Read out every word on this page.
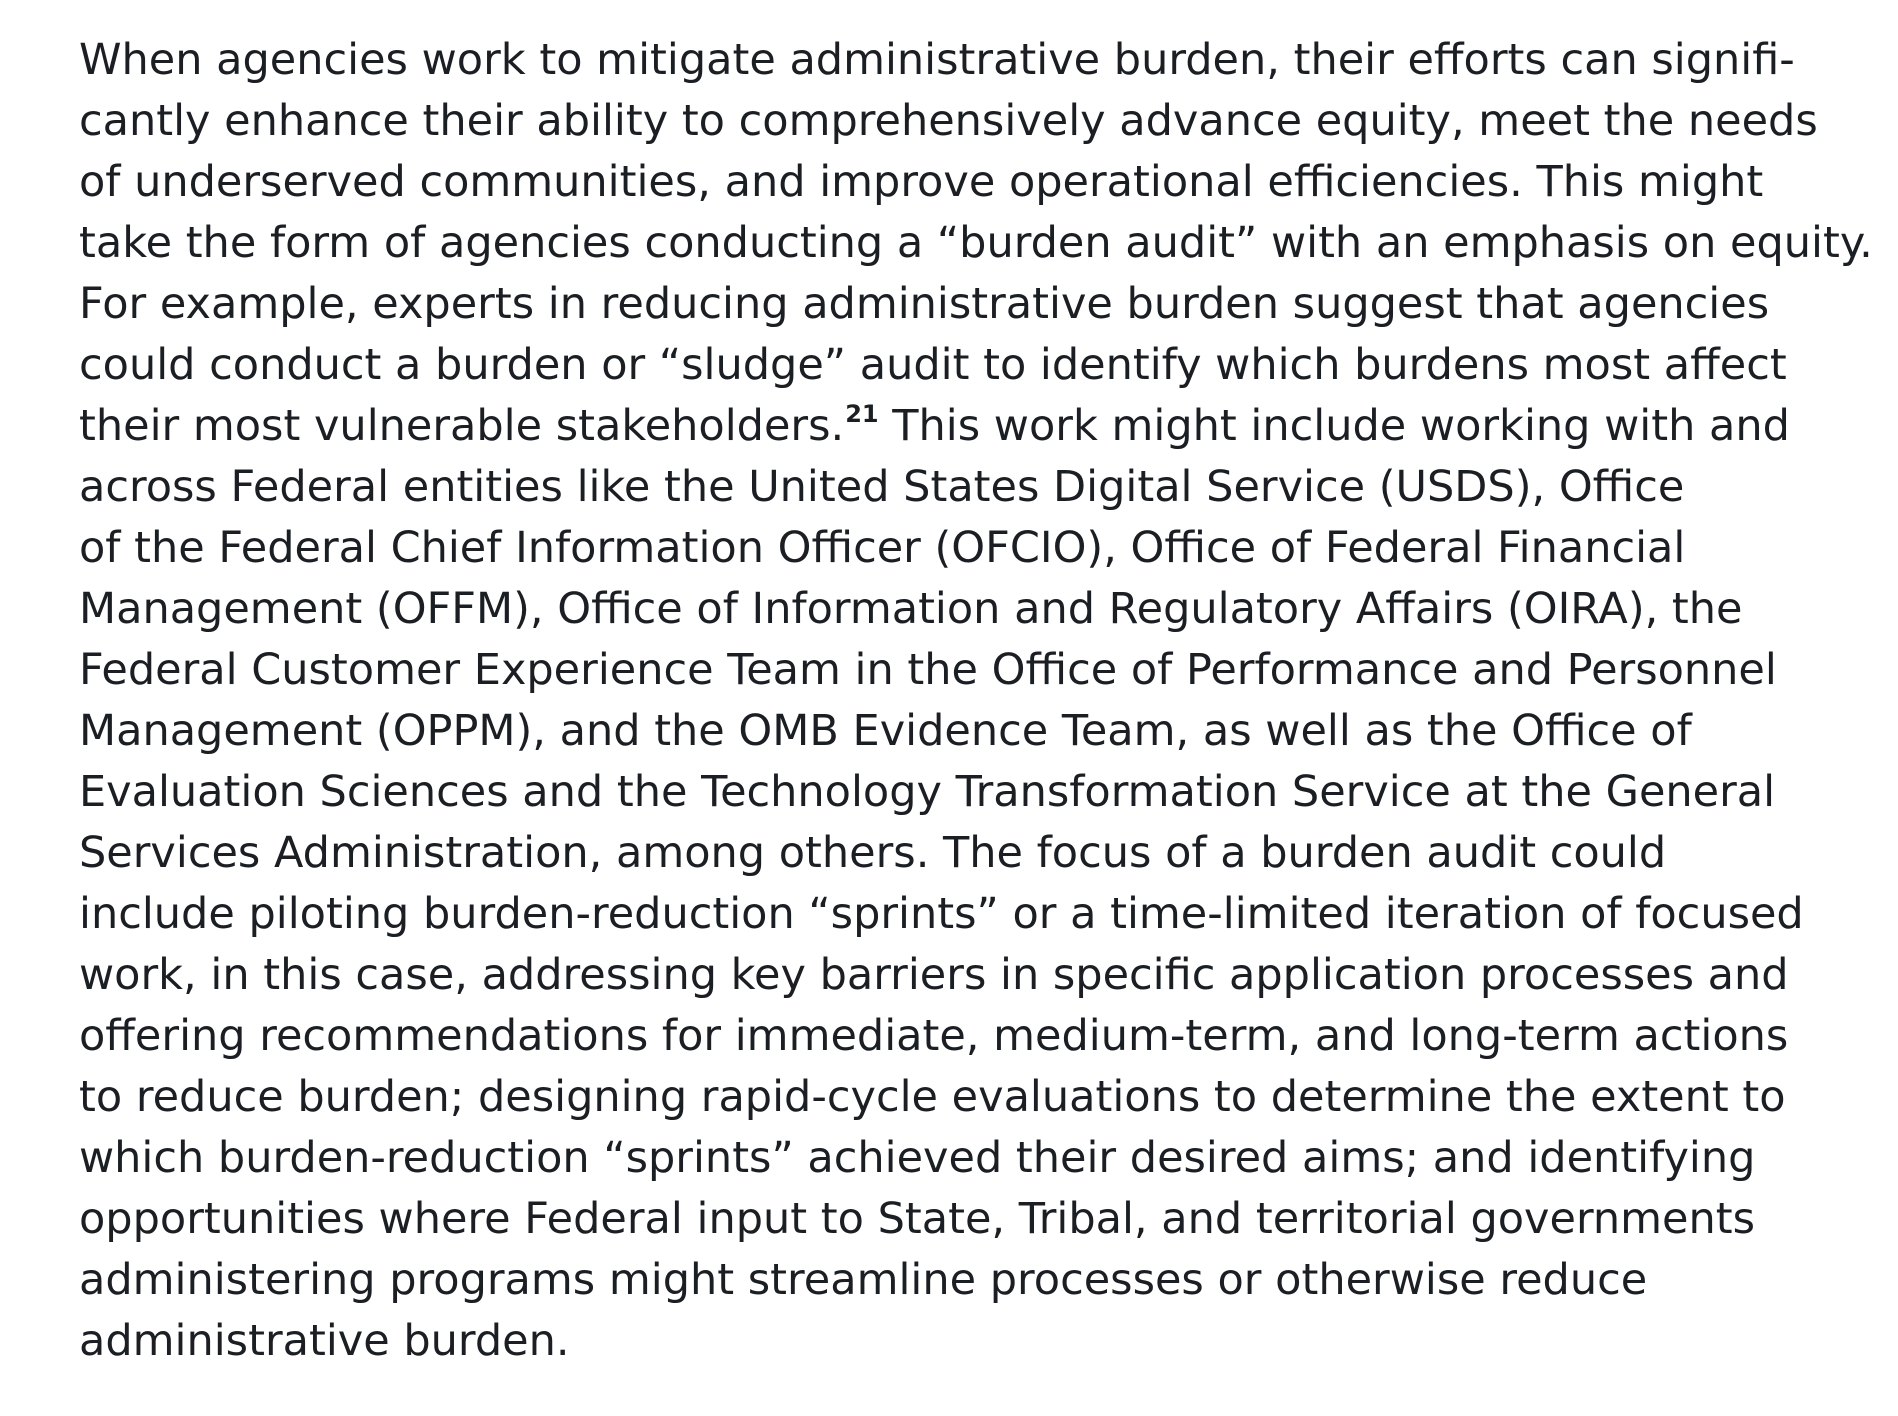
When agencies work to mitigate administrative burden, their efforts can signifi-
cantly enhance their ability to comprehensively advance equity, meet the needs
of underserved communities, and improve operational efficiencies. This might
take the form of agencies conducting a “burden audit” with an emphasis on equity.
For example, experts in reducing administrative burden suggest that agencies
could conduct a burden or “sludge” audit to identify which burdens most affect
their most vulnerable stakeholders.$^{21}$ This work might include working with and
across Federal entities like the United States Digital Service (USDS), Office
of the Federal Chief Information Officer (OFCIO), Office of Federal Financial
Management (OFFM), Office of Information and Regulatory Affairs (OIRA), the
Federal Customer Experience Team in the Office of Performance and Personnel
Management (OPPM), and the OMB Evidence Team, as well as the Office of
Evaluation Sciences and the Technology Transformation Service at the General
Services Administration, among others. The focus of a burden audit could
include piloting burden-reduction “sprints” or a time-limited iteration of focused
work, in this case, addressing key barriers in specific application processes and
offering recommendations for immediate, medium-term, and long-term actions
to reduce burden; designing rapid-cycle evaluations to determine the extent to
which burden-reduction “sprints” achieved their desired aims; and identifying
opportunities where Federal input to State, Tribal, and territorial governments
administering programs might streamline processes or otherwise reduce
administrative burden.
